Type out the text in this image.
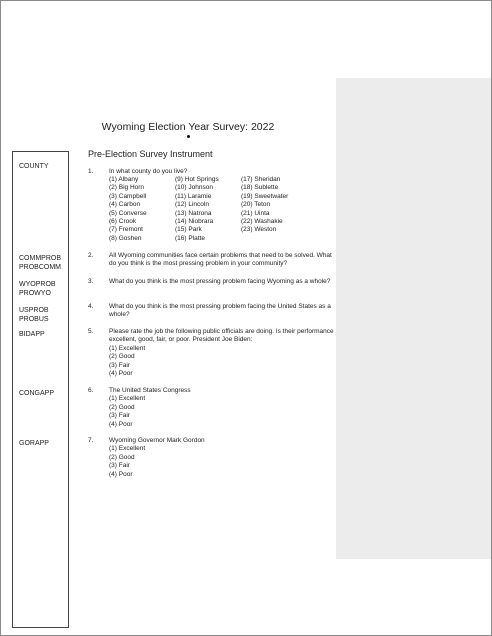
Wyoming Election Year Survey: 2022
Pre-Election Survey Instrument
COUNTY
COMMPROB
PROBCOMM
WYOPROB
PROWYO
USPROB
PROBUS
BIDAPP
CONGAPP
GORAPP
1. In what county do you live?
(1) Albany
(2) Big Horn
(3) Campbell
(4) Carbon
(5) Converse
(6) Crook
(7) Fremont
(8) Goshen
(9) Hot Springs
(10) Johnson
(11) Laramie
(12) Lincoln
(13) Natrona
(14) Niobrara
(15) Park
(16) Platte
(17) Sheridan
(18) Sublette
(19) Sweetwater
(20) Teton
(21) Uinta
(22) Washakie
(23) Weston
2. All Wyoming communities face certain problems that need to be solved. What do you think is the most pressing problem in your community?
3. What do you think is the most pressing problem facing Wyoming as a whole?
4. What do you think is the most pressing problem facing the United States as a whole?
5. Please rate the job the following public officials are doing. Is their performance excellent, good, fair, or poor. President Joe Biden:
(1) Excellent
(2) Good
(3) Fair
(4) Poor
6. The United States Congress
(1) Excellent
(2) Good
(3) Fair
(4) Poor
7. Wyoming Governor Mark Gordon
(1) Excellent
(2) Good
(3) Fair
(4) Poor
